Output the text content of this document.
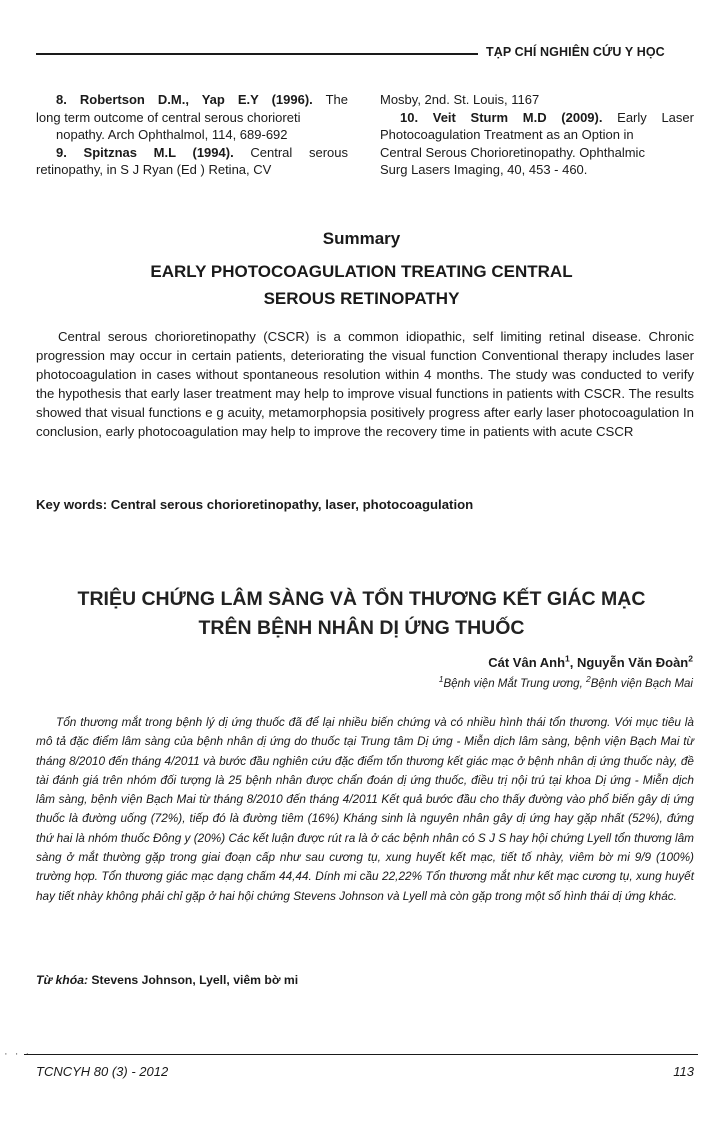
TẠP CHÍ NGHIÊN CỨU Y HỌC
8. Robertson D.M., Yap E.Y (1996). The
long term outcome of central serous chorioreti
nopathy. Arch Ophthalmol, 114, 689-692
9. Spitznas M.L (1994). Central serous
retinopathy, in S J Ryan (Ed ) Retina, CV
Mosby, 2nd. St. Louis, 1167
10. Veit Sturm M.D (2009). Early Laser
Photocoagulation Treatment as an Option in
Central Serous Chorioretinopathy. Ophthalmic
Surg Lasers Imaging, 40, 453 - 460.
Summary
EARLY PHOTOCOAGULATION TREATING CENTRAL
SEROUS RETINOPATHY

Central serous chorioretinopathy (CSCR) is a common idiopathic, self limiting retinal disease. Chronic progression may occur in certain patients, deteriorating the visual function Conventional therapy includes laser photocoagulation in cases without spontaneous resolution within 4 months. The study was conducted to verify the hypothesis that early laser treatment may help to improve visual functions in patients with CSCR. The results showed that visual functions e g acuity, metamorphopsia positively progress after early laser photocoagulation In conclusion, early photocoagulation may help to improve the recovery time in patients with acute CSCR

Key words: Central serous chorioretinopathy, laser, photocoagulation
TRIỆU CHỨNG LÂM SÀNG VÀ TỔN THƯƠNG KẾT GIÁC MẠC
TRÊN BỆNH NHÂN DỊ ỨNG THUỐC
Cát Vân Anh$^1$, Nguyễn Văn Đoàn$^2$
$^1$Bệnh viện Mắt Trung ương, $^2$Bệnh viện Bạch Mai

Tổn thương mắt trong bệnh lý dị ứng thuốc đã để lại nhiều biến chứng và có nhiều hình thái tổn thương. Với mục tiêu là mô tả đặc điểm lâm sàng của bệnh nhân dị ứng do thuốc tại Trung tâm Dị ứng - Miễn dịch lâm sàng, bệnh viện Bạch Mai từ tháng 8/2010 đến tháng 4/2011 và bước đầu nghiên cứu đặc điểm tổn thương kết giác mạc ở bệnh nhân dị ứng thuốc này, đề tài đánh giá trên nhóm đối tượng là 25 bệnh nhân được chẩn đoán dị ứng thuốc, điều trị nội trú tại khoa Dị ứng - Miễn dịch lâm sàng, bệnh viện Bạch Mai từ tháng 8/2010 đến tháng 4/2011 Kết quả bước đầu cho thấy đường vào phổ biến gây dị ứng thuốc là đường uống (72%), tiếp đó là đường tiêm (16%) Kháng sinh là nguyên nhân gây dị ứng hay gặp nhất (52%), đứng thứ hai là nhóm thuốc Đông y (20%) Các kết luận được rút ra là ở các bệnh nhân có S J S hay hội chứng Lyell tổn thương lâm sàng ở mắt thường gặp trong giai đoạn cấp như sau cương tụ, xung huyết kết mạc, tiết tố nhày, viêm bờ mi 9/9 (100%) trường hợp. Tổn thương giác mạc dạng chấm 44,44. Dính mi cầu 22,22% Tổn thương mắt như kết mạc cương tụ, xung huyết hay tiết nhày không phải chỉ gặp ở hai hội chứng Stevens Johnson và Lyell mà còn gặp trong một số hình thái dị ứng khác.

Từ khóa: Stevens Johnson, Lyell, viêm bờ mi
· · ·
TCNCYH 80 (3) - 2012	113
